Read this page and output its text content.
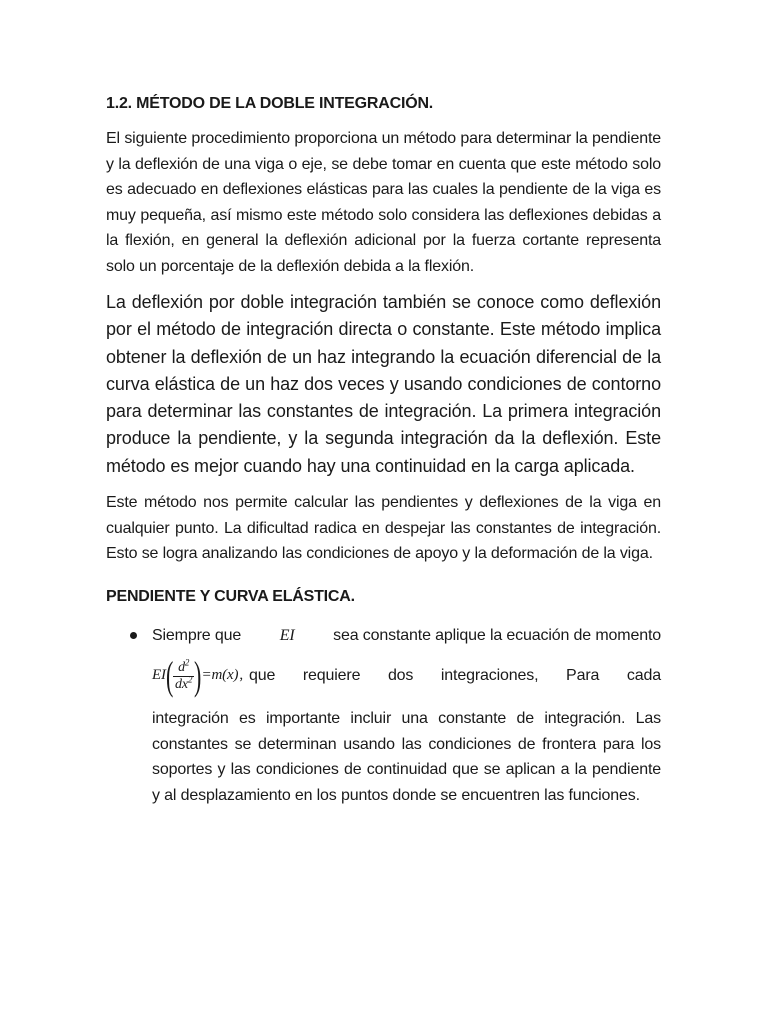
1.2. MÉTODO DE LA DOBLE INTEGRACIÓN.

El siguiente procedimiento proporciona un método para determinar la pendiente y la deflexión de una viga o eje, se debe tomar en cuenta que este método solo es adecuado en deflexiones elásticas para las cuales la pendiente de la viga es muy pequeña, así mismo este método solo considera las deflexiones debidas a la flexión, en general la deflexión adicional por la fuerza cortante representa solo un porcentaje de la deflexión debida a la flexión.

La deflexión por doble integración también se conoce como deflexión por el método de integración directa o constante. Este método implica obtener la deflexión de un haz integrando la ecuación diferencial de la curva elástica de un haz dos veces y usando condiciones de contorno para determinar las constantes de integración. La primera integración produce la pendiente, y la segunda integración da la deflexión. Este método es mejor cuando hay una continuidad en la carga aplicada.

Este método nos permite calcular las pendientes y deflexiones de la viga en cualquier punto. La dificultad radica en despejar las constantes de integración. Esto se logra analizando las condiciones de apoyo y la deformación de la viga.

PENDIENTE Y CURVA ELÁSTICA.
Siempre que EI sea constante aplique la ecuación de momento
EI ( $\frac{d^2}{dx^2}$ ) =m(x) , que requiere dos integraciones, Para cada
integración es importante incluir una constante de integración. Las constantes se determinan usando las condiciones de frontera para los soportes y las condiciones de continuidad que se aplican a la pendiente y al desplazamiento en los puntos donde se encuentren las funciones.
